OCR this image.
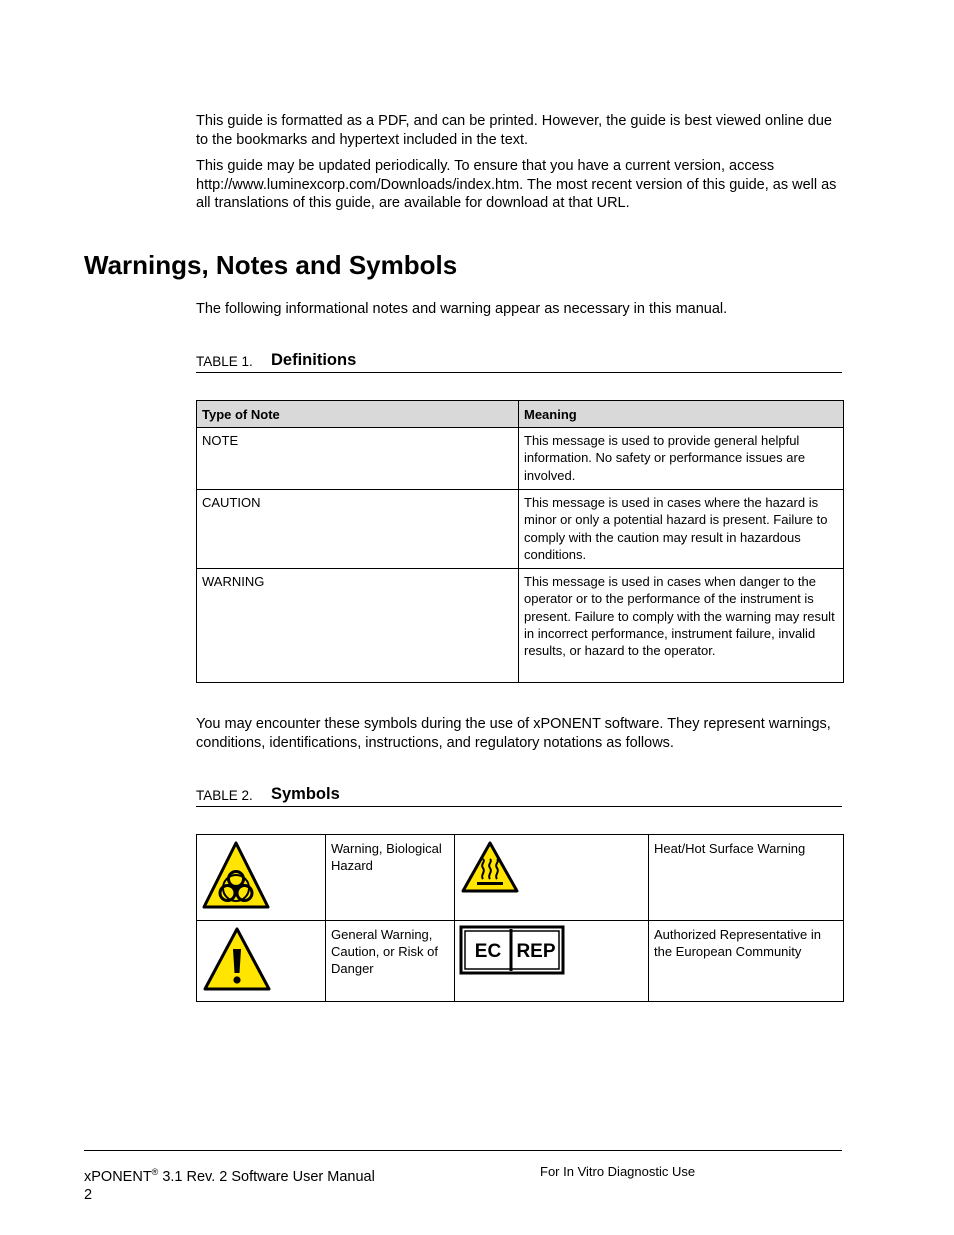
This guide is formatted as a PDF, and can be printed. However, the guide is best viewed online due to the bookmarks and hypertext included in the text.

This guide may be updated periodically. To ensure that you have a current version, access http://www.luminexcorp.com/Downloads/index.htm. The most recent version of this guide, as well as all translations of this guide, are available for download at that URL.

Warnings, Notes and Symbols

The following informational notes and warning appear as necessary in this manual.

TABLE 1. Definitions
Type of Note	Meaning
NOTE	This message is used to provide general helpful information. No safety or performance issues are involved.
CAUTION	This message is used in cases where the hazard is minor or only a potential hazard is present. Failure to comply with the caution may result in hazardous conditions.
WARNING	This message is used in cases when danger to the operator or to the performance of the instrument is present. Failure to comply with the warning may result in incorrect performance, instrument failure, invalid results, or hazard to the operator.

You may encounter these symbols during the use of xPONENT software. They represent warnings, conditions, identifications, instructions, and regulatory notations as follows.

TABLE 2. Symbols
	Warning, Biological Hazard		Heat/Hot Surface Warning
	General Warning, Caution, or Risk of Danger	EC REP	Authorized Representative in the European Community
xPONENT® 3.1 Rev. 2 Software User Manual
2
For In Vitro Diagnostic Use
